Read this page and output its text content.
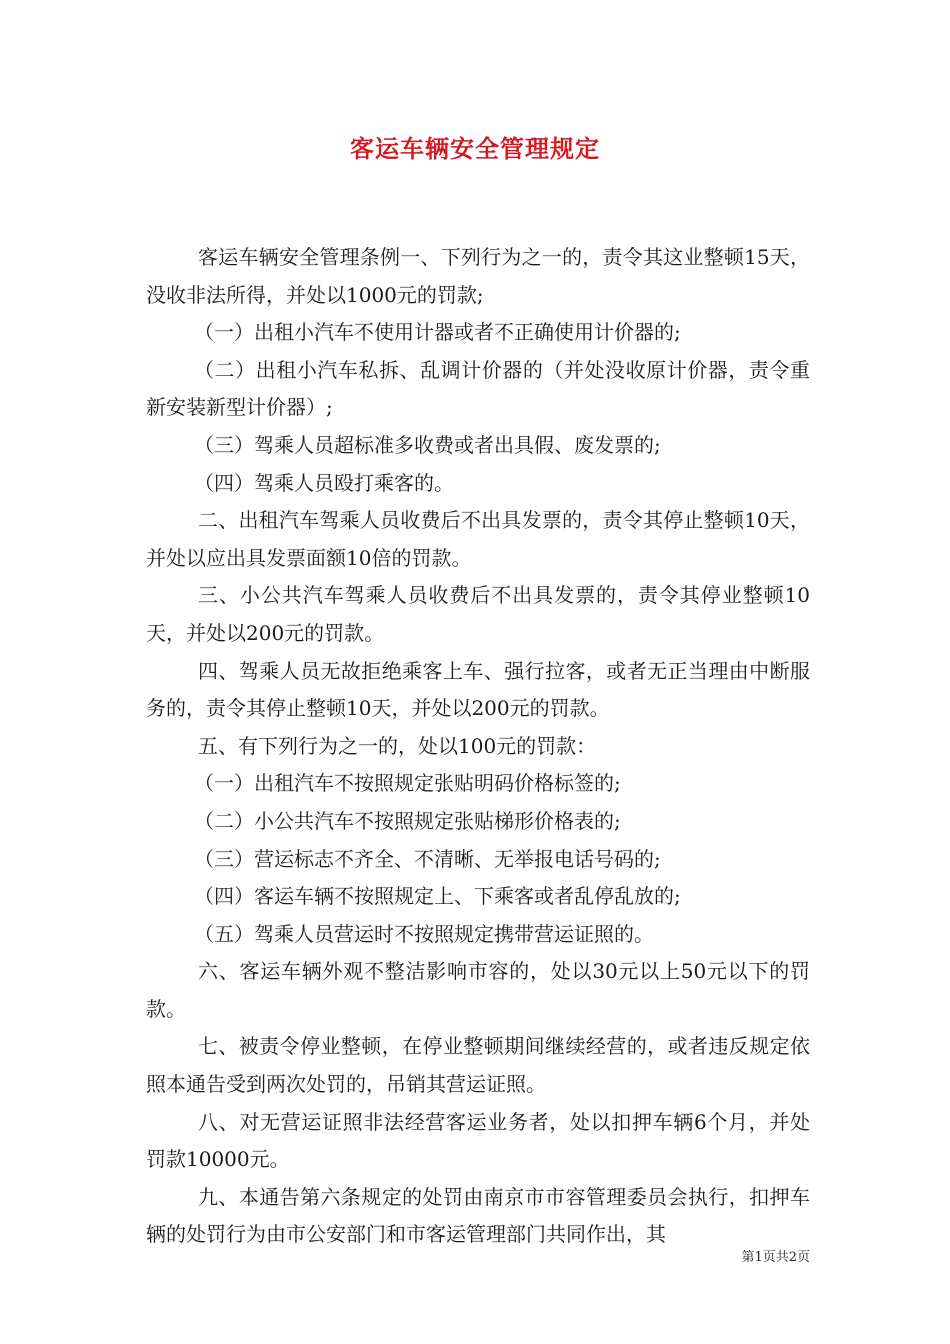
客运车辆安全管理规定

客运车辆安全管理条例一、下列行为之一的，责令其这业整顿15天，没收非法所得，并处以1000元的罚款;

（一）出租小汽车不使用计器或者不正确使用计价器的;

（二）出租小汽车私拆、乱调计价器的（并处没收原计价器，责令重新安装新型计价器）;

（三）驾乘人员超标准多收费或者出具假、废发票的;

（四）驾乘人员殴打乘客的。

二、出租汽车驾乘人员收费后不出具发票的，责令其停止整顿10天，并处以应出具发票面额10倍的罚款。

三、小公共汽车驾乘人员收费后不出具发票的，责令其停业整顿10天，并处以200元的罚款。

四、驾乘人员无故拒绝乘客上车、强行拉客，或者无正当理由中断服务的，责令其停止整顿10天，并处以200元的罚款。

五、有下列行为之一的，处以100元的罚款：

（一）出租汽车不按照规定张贴明码价格标签的;

（二）小公共汽车不按照规定张贴梯形价格表的;

（三）营运标志不齐全、不清晰、无举报电话号码的;

（四）客运车辆不按照规定上、下乘客或者乱停乱放的;

（五）驾乘人员营运时不按照规定携带营运证照的。

六、客运车辆外观不整洁影响市容的，处以30元以上50元以下的罚款。

七、被责令停业整顿，在停业整顿期间继续经营的，或者违反规定依照本通告受到两次处罚的，吊销其营运证照。

八、对无营运证照非法经营客运业务者，处以扣押车辆6个月，并处罚款10000元。

九、本通告第六条规定的处罚由南京市市容管理委员会执行，扣押车辆的处罚行为由市公安部门和市客运管理部门共同作出，其

第1页共2页
